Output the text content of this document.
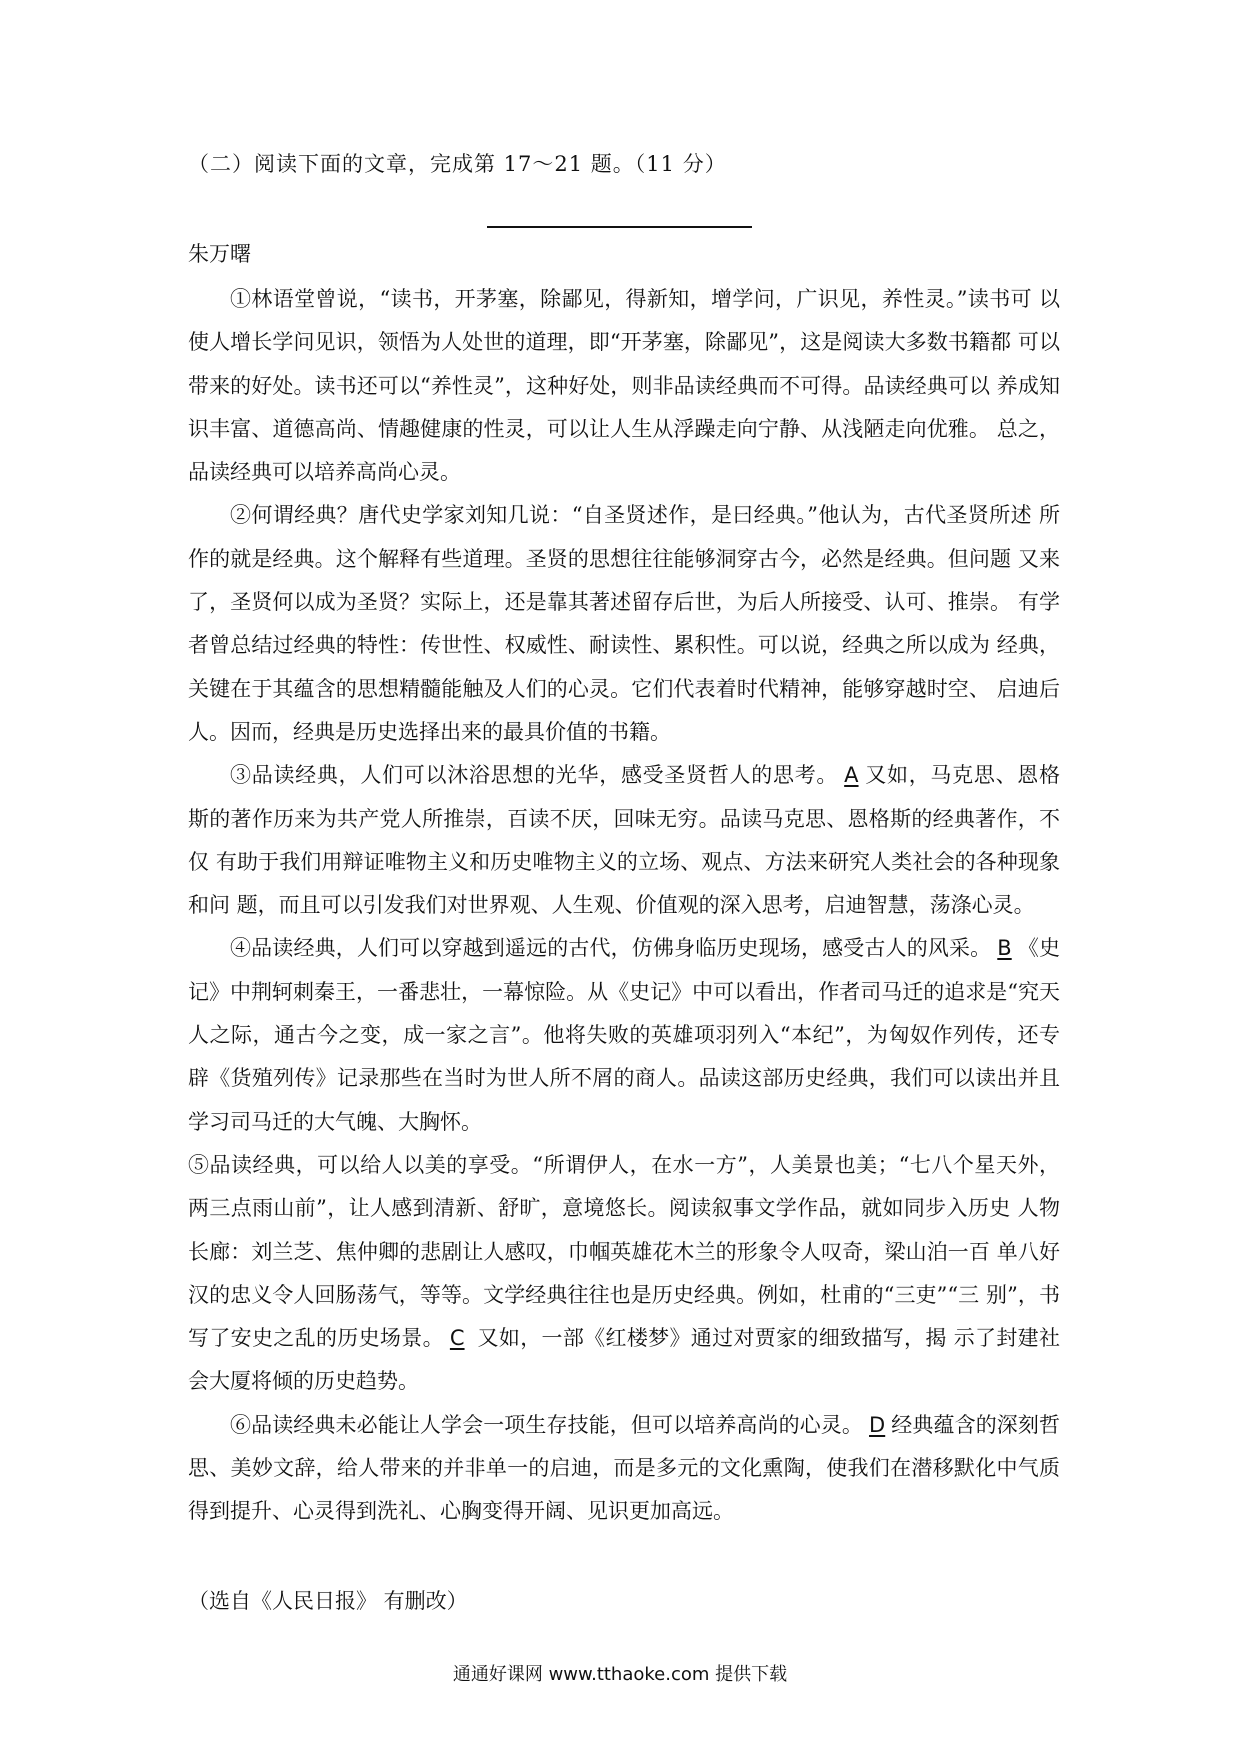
（二）阅读下面的文章，完成第 17～21 题。（11 分）
朱万曙

①林语堂曾说，“读书，开茅塞，除鄙见，得新知，增学问，广识见，养性灵。”读书可 以使人增长学问见识，领悟为人处世的道理，即“开茅塞，除鄙见”，这是阅读大多数书籍都 可以带来的好处。读书还可以“养性灵”，这种好处，则非品读经典而不可得。品读经典可以 养成知识丰富、道德高尚、情趣健康的性灵，可以让人生从浮躁走向宁静、从浅陋走向优雅。 总之，品读经典可以培养高尚心灵。

②何谓经典？唐代史学家刘知几说：“自圣贤述作，是曰经典。”他认为，古代圣贤所述 所作的就是经典。这个解释有些道理。圣贤的思想往往能够洞穿古今，必然是经典。但问题 又来了，圣贤何以成为圣贤？实际上，还是靠其著述留存后世，为后人所接受、认可、推崇。 有学者曾总结过经典的特性：传世性、权威性、耐读性、累积性。可以说，经典之所以成为 经典，关键在于其蕴含的思想精髓能触及人们的心灵。它们代表着时代精神，能够穿越时空、 启迪后人。因而，经典是历史选择出来的最具价值的书籍。

③品读经典，人们可以沐浴思想的光华，感受圣贤哲人的思考。 A 又如，马克思、恩格 斯的著作历来为共产党人所推崇，百读不厌，回味无穷。品读马克思、恩格斯的经典著作，不仅 有助于我们用辩证唯物主义和历史唯物主义的立场、观点、方法来研究人类社会的各种现象和问 题，而且可以引发我们对世界观、人生观、价值观的深入思考，启迪智慧，荡涤心灵。

④品读经典，人们可以穿越到遥远的古代，仿佛身临历史现场，感受古人的风采。 B 《史记》中荆轲刺秦王，一番悲壮，一幕惊险。从《史记》中可以看出，作者司马迁的追求是“究天人之际，通古今之变，成一家之言”。他将失败的英雄项羽列入“本纪”，为匈奴作列传，还专辟《货殖列传》记录那些在当时为世人所不屑的商人。品读这部历史经典，我们可以读出并且学习司马迁的大气魄、大胸怀。

⑤品读经典，可以给人以美的享受。“所谓伊人，在水一方”，人美景也美；“七八个星天外，两三点雨山前”，让人感到清新、舒旷，意境悠长。阅读叙事文学作品，就如同步入历史 人物长廊：刘兰芝、焦仲卿的悲剧让人感叹，巾帼英雄花木兰的形象令人叹奇，梁山泊一百 单八好汉的忠义令人回肠荡气，等等。文学经典往往也是历史经典。例如，杜甫的“三吏”“三 别”，书写了安史之乱的历史场景。 C 又如，一部《红楼梦》通过对贾家的细致描写，揭 示了封建社会大厦将倾的历史趋势。

⑥品读经典未必能让人学会一项生存技能，但可以培养高尚的心灵。 D 经典蕴含的深刻哲思、美妙文辞，给人带来的并非单一的启迪，而是多元的文化熏陶，使我们在潜移默化中气质得到提升、心灵得到洗礼、心胸变得开阔、见识更加高远。

（选自《人民日报》 有删改）
通通好课网 www.tthaoke.com 提供下载
